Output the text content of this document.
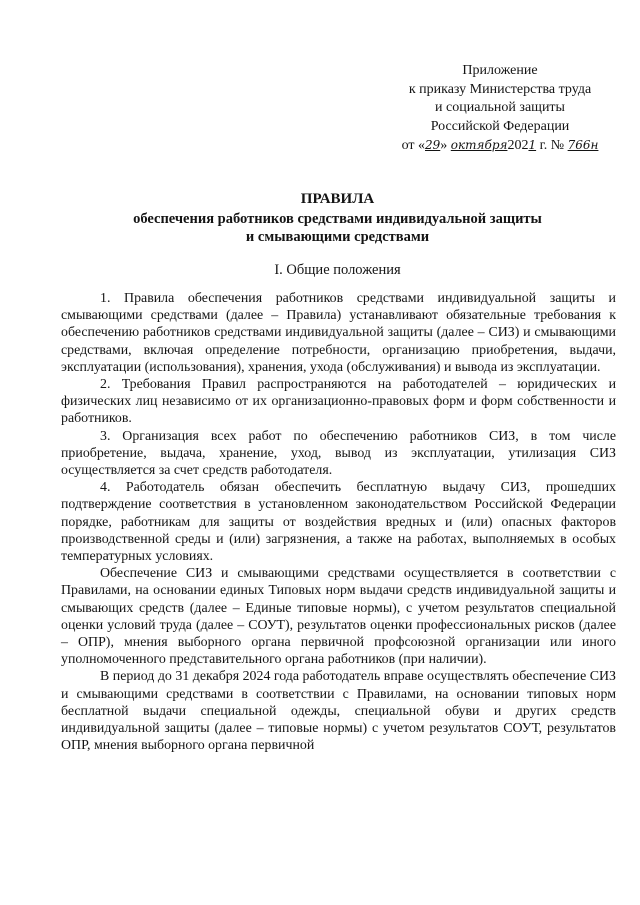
Приложение
к приказу Министерства труда
и социальной защиты
Российской Федерации
от «29» октября2021 г. № 766н
ПРАВИЛА
обеспечения работников средствами индивидуальной защиты
и смывающими средствами
I. Общие положения

1. Правила обеспечения работников средствами индивидуальной защиты и смывающими средствами (далее – Правила) устанавливают обязательные требования к обеспечению работников средствами индивидуальной защиты (далее – СИЗ) и смывающими средствами, включая определение потребности, организацию приобретения, выдачи, эксплуатации (использования), хранения, ухода (обслуживания) и вывода из эксплуатации.

2. Требования Правил распространяются на работодателей – юридических и физических лиц независимо от их организационно-правовых форм и форм собственности и работников.

3. Организация всех работ по обеспечению работников СИЗ, в том числе приобретение, выдача, хранение, уход, вывод из эксплуатации, утилизация СИЗ осуществляется за счет средств работодателя.

4. Работодатель обязан обеспечить бесплатную выдачу СИЗ, прошедших подтверждение соответствия в установленном законодательством Российской Федерации порядке, работникам для защиты от воздействия вредных и (или) опасных факторов производственной среды и (или) загрязнения, а также на работах, выполняемых в особых температурных условиях.

Обеспечение СИЗ и смывающими средствами осуществляется в соответствии с Правилами, на основании единых Типовых норм выдачи средств индивидуальной защиты и смывающих средств (далее – Единые типовые нормы), с учетом результатов специальной оценки условий труда (далее – СОУТ), результатов оценки профессиональных рисков (далее – ОПР), мнения выборного органа первичной профсоюзной организации или иного уполномоченного представительного органа работников (при наличии).

В период до 31 декабря 2024 года работодатель вправе осуществлять обеспечение СИЗ и смывающими средствами в соответствии с Правилами, на основании типовых норм бесплатной выдачи специальной одежды, специальной обуви и других средств индивидуальной защиты (далее – типовые нормы) с учетом результатов СОУТ, результатов ОПР, мнения выборного органа первичной
